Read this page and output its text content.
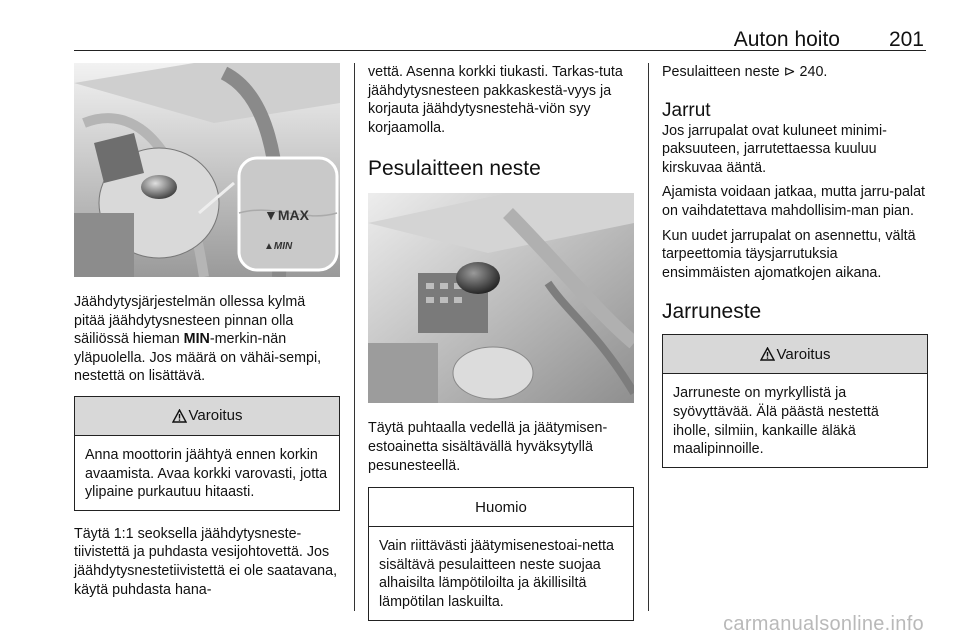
Auton hoito 201
▼MAX
▲MIN

Jäähdytysjärjestelmän ollessa kylmä pitää jäähdytysnesteen pinnan olla säiliössä hieman MIN-merkin-nän yläpuolella. Jos määrä on vähäi-sempi, nestettä on lisättävä.

Varoitus

Anna moottorin jäähtyä ennen korkin avaamista. Avaa korkki varovasti, jotta ylipaine purkautuu hitaasti.

Täytä 1:1 seoksella jäähdytysneste-tiivistettä ja puhdasta vesijohtovettä. Jos jäähdytysnestetiivistettä ei ole saatavana, käytä puhdasta hana-

vettä. Asenna korkki tiukasti. Tarkas-tuta jäähdytysnesteen pakkaskestä-vyys ja korjauta jäähdytysnestehä-viön syy korjaamolla.

Pesulaitteen neste

Täytä puhtaalla vedellä ja jäätymisen-estoainetta sisältävällä hyväksytyllä pesunesteellä.

Huomio

Vain riittävästi jäätymisenestoai-netta sisältävä pesulaitteen neste suojaa alhaisilta lämpötiloilta ja äkillisiltä lämpötilan laskuilta.

Pesulaitteen neste ⊳ 240.

Jarrut

Jos jarrupalat ovat kuluneet minimi-paksuuteen, jarrutettaessa kuuluu kirskuvaa ääntä.

Ajamista voidaan jatkaa, mutta jarru-palat on vaihdatettava mahdollisim-man pian.

Kun uudet jarrupalat on asennettu, vältä tarpeettomia täysjarrutuksia ensimmäisten ajomatkojen aikana.

Jarruneste
Varoitus

Jarruneste on myrkyllistä ja syövyttävää. Älä päästä nestettä iholle, silmiin, kankaille äläkä maalipinnoille.

carmanualsonline.info
